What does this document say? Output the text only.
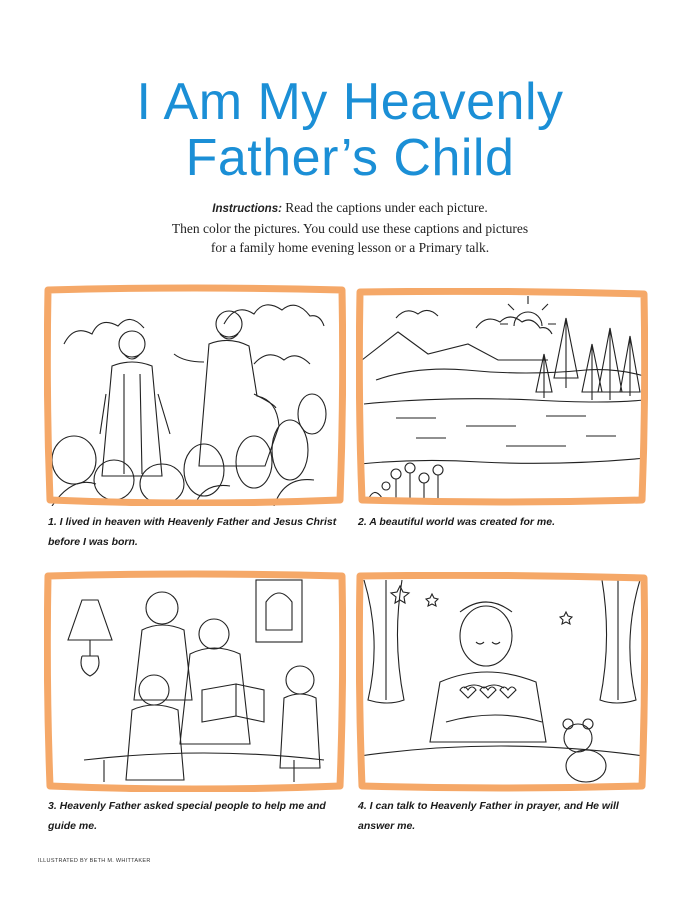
I Am My Heavenly
Father’s Child
Instructions: Read the captions under each picture.
Then color the pictures. You could use these captions and pictures
for a family home evening lesson or a Primary talk.
1. I lived in heaven with Heavenly Father and Jesus Christ
before I was born.
2. A beautiful world was created for me.
3. Heavenly Father asked special people to help me and
guide me.
4. I can talk to Heavenly Father in prayer, and He will
answer me.
ILLUSTRATED BY BETH M. WHITTAKER
